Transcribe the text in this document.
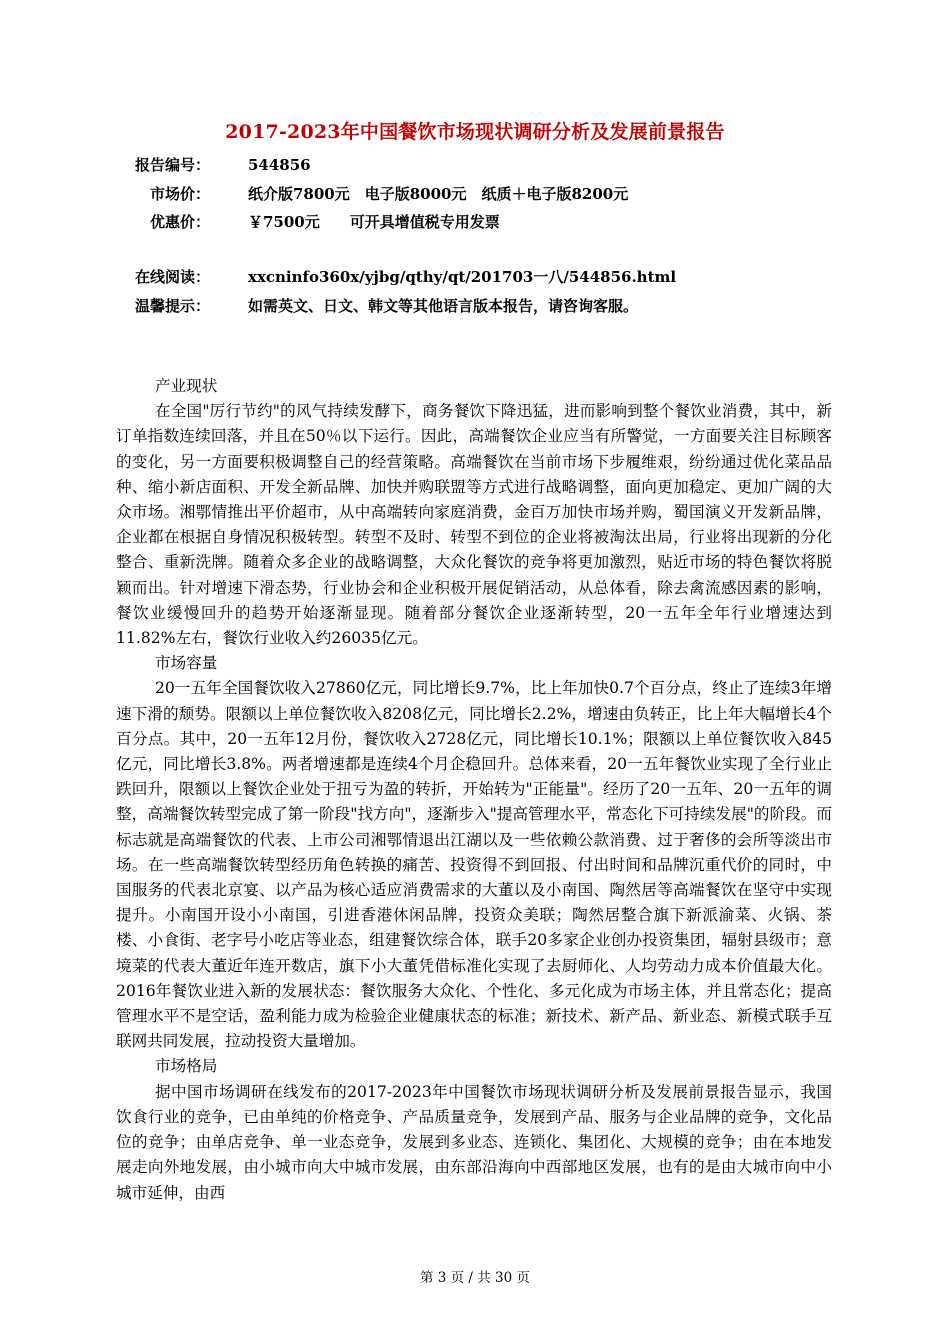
2017-2023年中国餐饮市场现状调研分析及发展前景报告
报告编号：	544856
市场价：	纸介版7800元　电子版8000元　纸质＋电子版8200元
优惠价：	￥7500元　　可开具增值税专用发票
在线阅读：	xxcninfo360x/yjbg/qthy/qt/201703一八/544856.html
温馨提示：	如需英文、日文、韩文等其他语言版本报告，请咨询客服。

产业现状

在全国"厉行节约"的风气持续发酵下，商务餐饮下降迅猛，进而影响到整个餐饮业消费，其中，新订单指数连续回落，并且在50％以下运行。因此，高端餐饮企业应当有所警觉，一方面要关注目标顾客的变化，另一方面要积极调整自己的经营策略。高端餐饮在当前市场下步履维艰，纷纷通过优化菜品品种、缩小新店面积、开发全新品牌、加快并购联盟等方式进行战略调整，面向更加稳定、更加广阔的大众市场。湘鄂情推出平价超市，从中高端转向家庭消费，金百万加快市场并购，蜀国演义开发新品牌，企业都在根据自身情况积极转型。转型不及时、转型不到位的企业将被淘汰出局，行业将出现新的分化整合、重新洗牌。随着众多企业的战略调整，大众化餐饮的竞争将更加激烈，贴近市场的特色餐饮将脱颖而出。针对增速下滑态势，行业协会和企业积极开展促销活动，从总体看，除去禽流感因素的影响，餐饮业缓慢回升的趋势开始逐渐显现。随着部分餐饮企业逐渐转型，20一五年全年行业增速达到11.82%左右，餐饮行业收入约26035亿元。

市场容量

20一五年全国餐饮收入27860亿元，同比增长9.7%，比上年加快0.7个百分点，终止了连续3年增速下滑的颓势。限额以上单位餐饮收入8208亿元，同比增长2.2%，增速由负转正，比上年大幅增长4个百分点。其中，20一五年12月份，餐饮收入2728亿元，同比增长10.1%；限额以上单位餐饮收入845亿元，同比增长3.8%。两者增速都是连续4个月企稳回升。总体来看，20一五年餐饮业实现了全行业止跌回升，限额以上餐饮企业处于扭亏为盈的转折，开始转为"正能量"。经历了20一五年、20一五年的调整，高端餐饮转型完成了第一阶段"找方向"，逐渐步入"提高管理水平，常态化下可持续发展"的阶段。而标志就是高端餐饮的代表、上市公司湘鄂情退出江湖以及一些依赖公款消费、过于奢侈的会所等淡出市场。在一些高端餐饮转型经历角色转换的痛苦、投资得不到回报、付出时间和品牌沉重代价的同时，中国服务的代表北京宴、以产品为核心适应消费需求的大董以及小南国、陶然居等高端餐饮在坚守中实现提升。小南国开设小小南国，引进香港休闲品牌，投资众美联；陶然居整合旗下新派渝菜、火锅、茶楼、小食街、老字号小吃店等业态，组建餐饮综合体，联手20多家企业创办投资集团，辐射县级市；意境菜的代表大董近年连开数店，旗下小大董凭借标准化实现了去厨师化、人均劳动力成本价值最大化。2016年餐饮业进入新的发展状态：餐饮服务大众化、个性化、多元化成为市场主体，并且常态化；提高管理水平不是空话，盈利能力成为检验企业健康状态的标准；新技术、新产品、新业态、新模式联手互联网共同发展，拉动投资大量增加。

市场格局

据中国市场调研在线发布的2017-2023年中国餐饮市场现状调研分析及发展前景报告显示，我国饮食行业的竞争，已由单纯的价格竞争、产品质量竞争，发展到产品、服务与企业品牌的竞争，文化品位的竞争；由单店竞争、单一业态竞争，发展到多业态、连锁化、集团化、大规模的竞争；由在本地发展走向外地发展，由小城市向大中城市发展，由东部沿海向中西部地区发展，也有的是由大城市向中小城市延伸，由西

第 3 页 / 共 30 页
